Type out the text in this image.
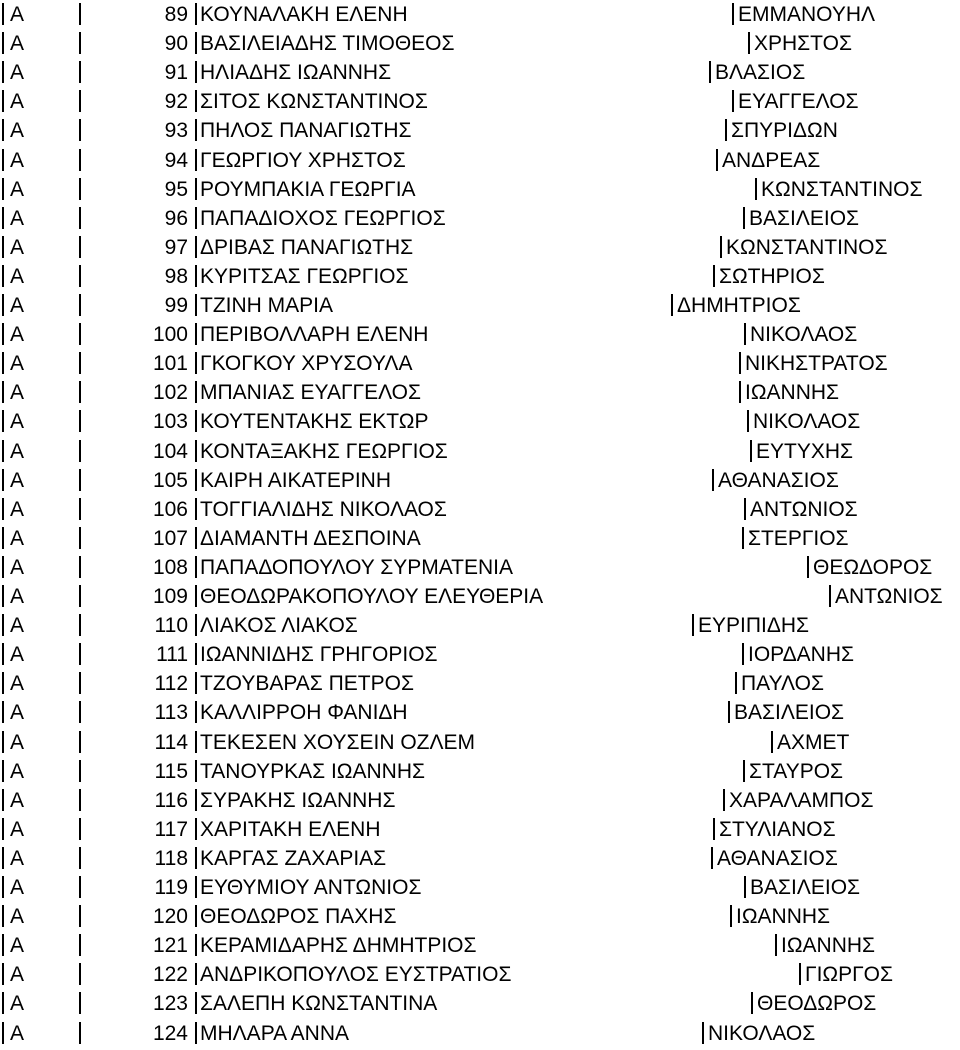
Α	89 ΚΟΥΝΑΛΑΚΗ ΕΛΕΝΗ	ΕΜΜΑΝΟΥΗΛ
Α	90 ΒΑΣΙΛΕΙΑΔΗΣ ΤΙΜΟΘΕΟΣ	ΧΡΗΣΤΟΣ
Α	91 ΗΛΙΑΔΗΣ ΙΩΑΝΝΗΣ	ΒΛΑΣΙΟΣ
Α	92 ΣΙΤΟΣ ΚΩΝΣΤΑΝΤΙΝΟΣ	ΕΥΑΓΓΕΛΟΣ
Α	93 ΠΗΛΟΣ ΠΑΝΑΓΙΩΤΗΣ	ΣΠΥΡΙΔΩΝ
Α	94 ΓΕΩΡΓΙΟΥ ΧΡΗΣΤΟΣ	ΑΝΔΡΕΑΣ
Α	95 ΡΟΥΜΠΑΚΙΑ ΓΕΩΡΓΙΑ	ΚΩΝΣΤΑΝΤΙΝΟΣ
Α	96 ΠΑΠΑΔΙΟΧΟΣ ΓΕΩΡΓΙΟΣ	ΒΑΣΙΛΕΙΟΣ
Α	97 ΔΡΙΒΑΣ ΠΑΝΑΓΙΩΤΗΣ	ΚΩΝΣΤΑΝΤΙΝΟΣ
Α	98 ΚΥΡΙΤΣΑΣ ΓΕΩΡΓΙΟΣ	ΣΩΤΗΡΙΟΣ
Α	99 ΤΖΙΝΗ ΜΑΡΙΑ	ΔΗΜΗΤΡΙΟΣ
Α	100 ΠΕΡΙΒΟΛΛΑΡΗ ΕΛΕΝΗ	ΝΙΚΟΛΑΟΣ
Α	101 ΓΚΟΓΚΟΥ ΧΡΥΣΟΥΛΑ	ΝΙΚΗΣΤΡΑΤΟΣ
Α	102 ΜΠΑΝΙΑΣ ΕΥΑΓΓΕΛΟΣ	ΙΩΑΝΝΗΣ
Α	103 ΚΟΥΤΕΝΤΑΚΗΣ ΕΚΤΩΡ	ΝΙΚΟΛΑΟΣ
Α	104 ΚΟΝΤΑΞΑΚΗΣ ΓΕΩΡΓΙΟΣ	ΕΥΤΥΧΗΣ
Α	105 ΚΑΙΡΗ ΑΙΚΑΤΕΡΙΝΗ	ΑΘΑΝΑΣΙΟΣ
Α	106 ΤΟΓΓΙΑΛΙΔΗΣ ΝΙΚΟΛΑΟΣ	ΑΝΤΩΝΙΟΣ
Α	107 ΔΙΑΜΑΝΤΗ ΔΕΣΠΟΙΝΑ	ΣΤΕΡΓΙΟΣ
Α	108 ΠΑΠΑΔΟΠΟΥΛΟΥ ΣΥΡΜΑΤΕΝΙΑ	ΘΕΩΔΟΡΟΣ
Α	109 ΘΕΟΔΩΡΑΚΟΠΟΥΛΟΥ ΕΛΕΥΘΕΡΙΑ	ΑΝΤΩΝΙΟΣ
Α	110 ΛΙΑΚΟΣ ΛΙΑΚΟΣ	ΕΥΡΙΠΙΔΗΣ
Α	111 ΙΩΑΝΝΙΔΗΣ ΓΡΗΓΟΡΙΟΣ	ΙΟΡΔΑΝΗΣ
Α	112 ΤΖΟΥΒΑΡΑΣ ΠΕΤΡΟΣ	ΠΑΥΛΟΣ
Α	113 ΚΑΛΛΙΡΡΟΗ ΦΑΝΙΔΗ	ΒΑΣΙΛΕΙΟΣ
Α	114 ΤΕΚΕΣΕΝ ΧΟΥΣΕΙΝ ΟΖΛΕΜ	ΑΧΜΕΤ
Α	115 ΤΑΝΟΥΡΚΑΣ ΙΩΑΝΝΗΣ	ΣΤΑΥΡΟΣ
Α	116 ΣΥΡΑΚΗΣ ΙΩΑΝΝΗΣ	ΧΑΡΑΛΑΜΠΟΣ
Α	117 ΧΑΡΙΤΑΚΗ ΕΛΕΝΗ	ΣΤΥΛΙΑΝΟΣ
Α	118 ΚΑΡΓΑΣ ΖΑΧΑΡΙΑΣ	ΑΘΑΝΑΣΙΟΣ
Α	119 ΕΥΘΥΜΙΟΥ ΑΝΤΩΝΙΟΣ	ΒΑΣΙΛΕΙΟΣ
Α	120 ΘΕΟΔΩΡΟΣ ΠΑΧΗΣ	ΙΩΑΝΝΗΣ
Α	121 ΚΕΡΑΜΙΔΑΡΗΣ ΔΗΜΗΤΡΙΟΣ	ΙΩΑΝΝΗΣ
Α	122 ΑΝΔΡΙΚΟΠΟΥΛΟΣ ΕΥΣΤΡΑΤΙΟΣ	ΓΙΩΡΓΟΣ
Α	123 ΣΑΛΕΠΗ ΚΩΝΣΤΑΝΤΙΝΑ	ΘΕΟΔΩΡΟΣ
Α	124 ΜΗΛΑΡΑ ΑΝΝΑ	ΝΙΚΟΛΑΟΣ
